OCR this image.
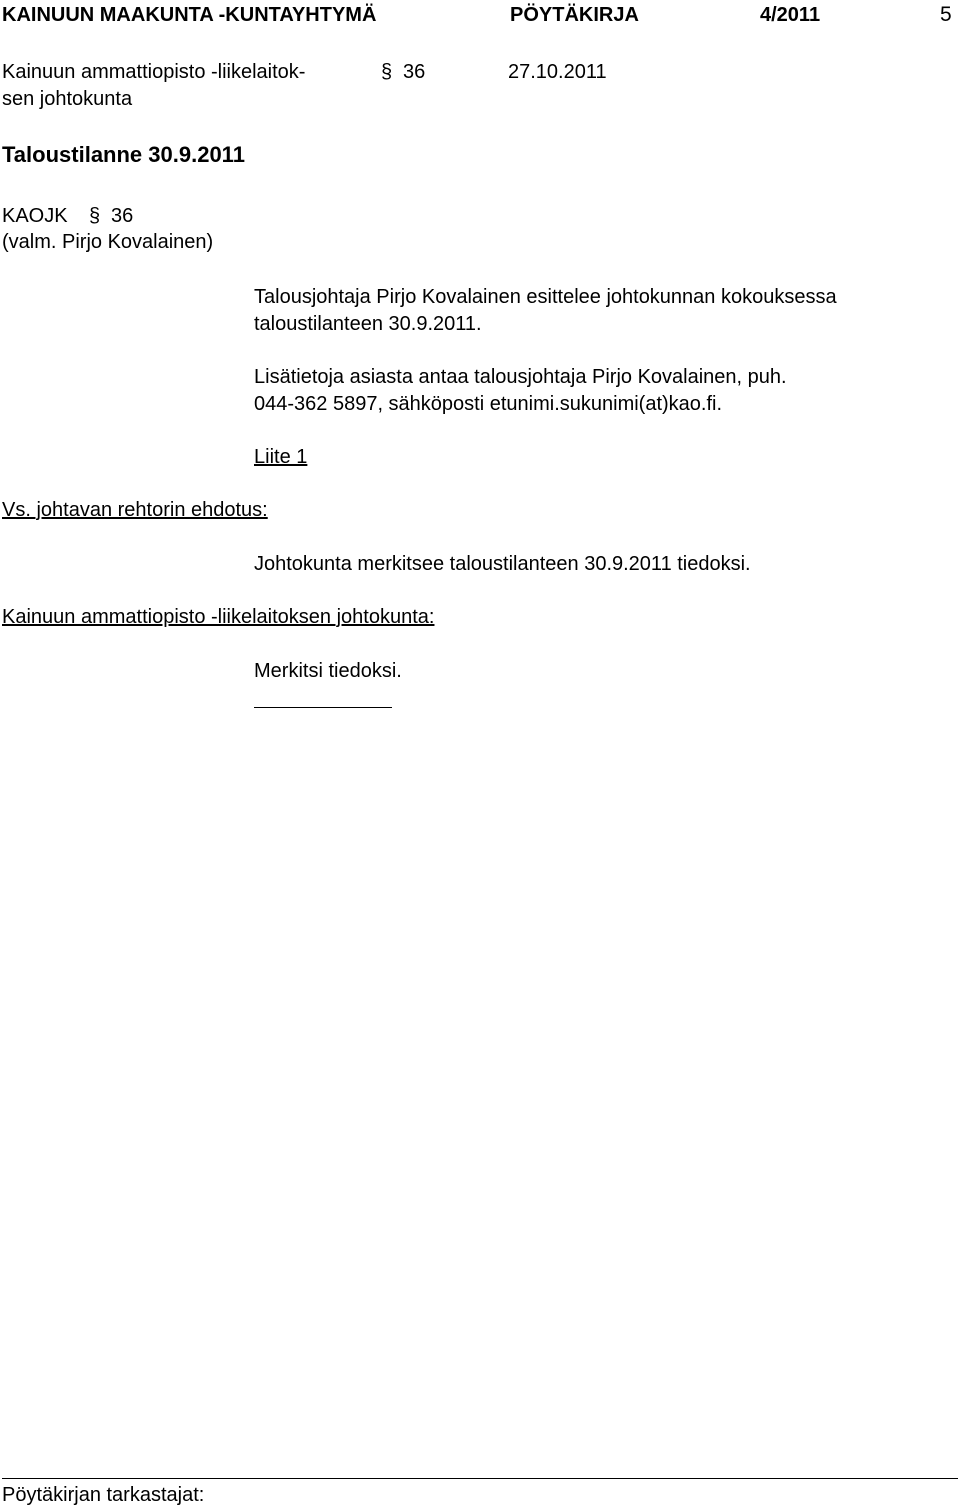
KAINUUN MAAKUNTA -KUNTAYHTYMÄ	PÖYTÄKIRJA	4/2011	5
Kainuun ammattiopisto -liikelaitok-
sen johtokunta
§ 36	27.10.2011
Taloustilanne 30.9.2011
KAOJK § 36
(valm. Pirjo Kovalainen)
Talousjohtaja Pirjo Kovalainen esittelee johtokunnan kokouksessa
taloustilanteen 30.9.2011.
Lisätietoja asiasta antaa talousjohtaja Pirjo Kovalainen, puh.
044-362 5897, sähköposti etunimi.sukunimi(at)kao.fi.
Liite 1
Vs. johtavan rehtorin ehdotus:
Johtokunta merkitsee taloustilanteen 30.9.2011 tiedoksi.
Kainuun ammattiopisto -liikelaitoksen johtokunta:
Merkitsi tiedoksi.
Pöytäkirjan tarkastajat:
